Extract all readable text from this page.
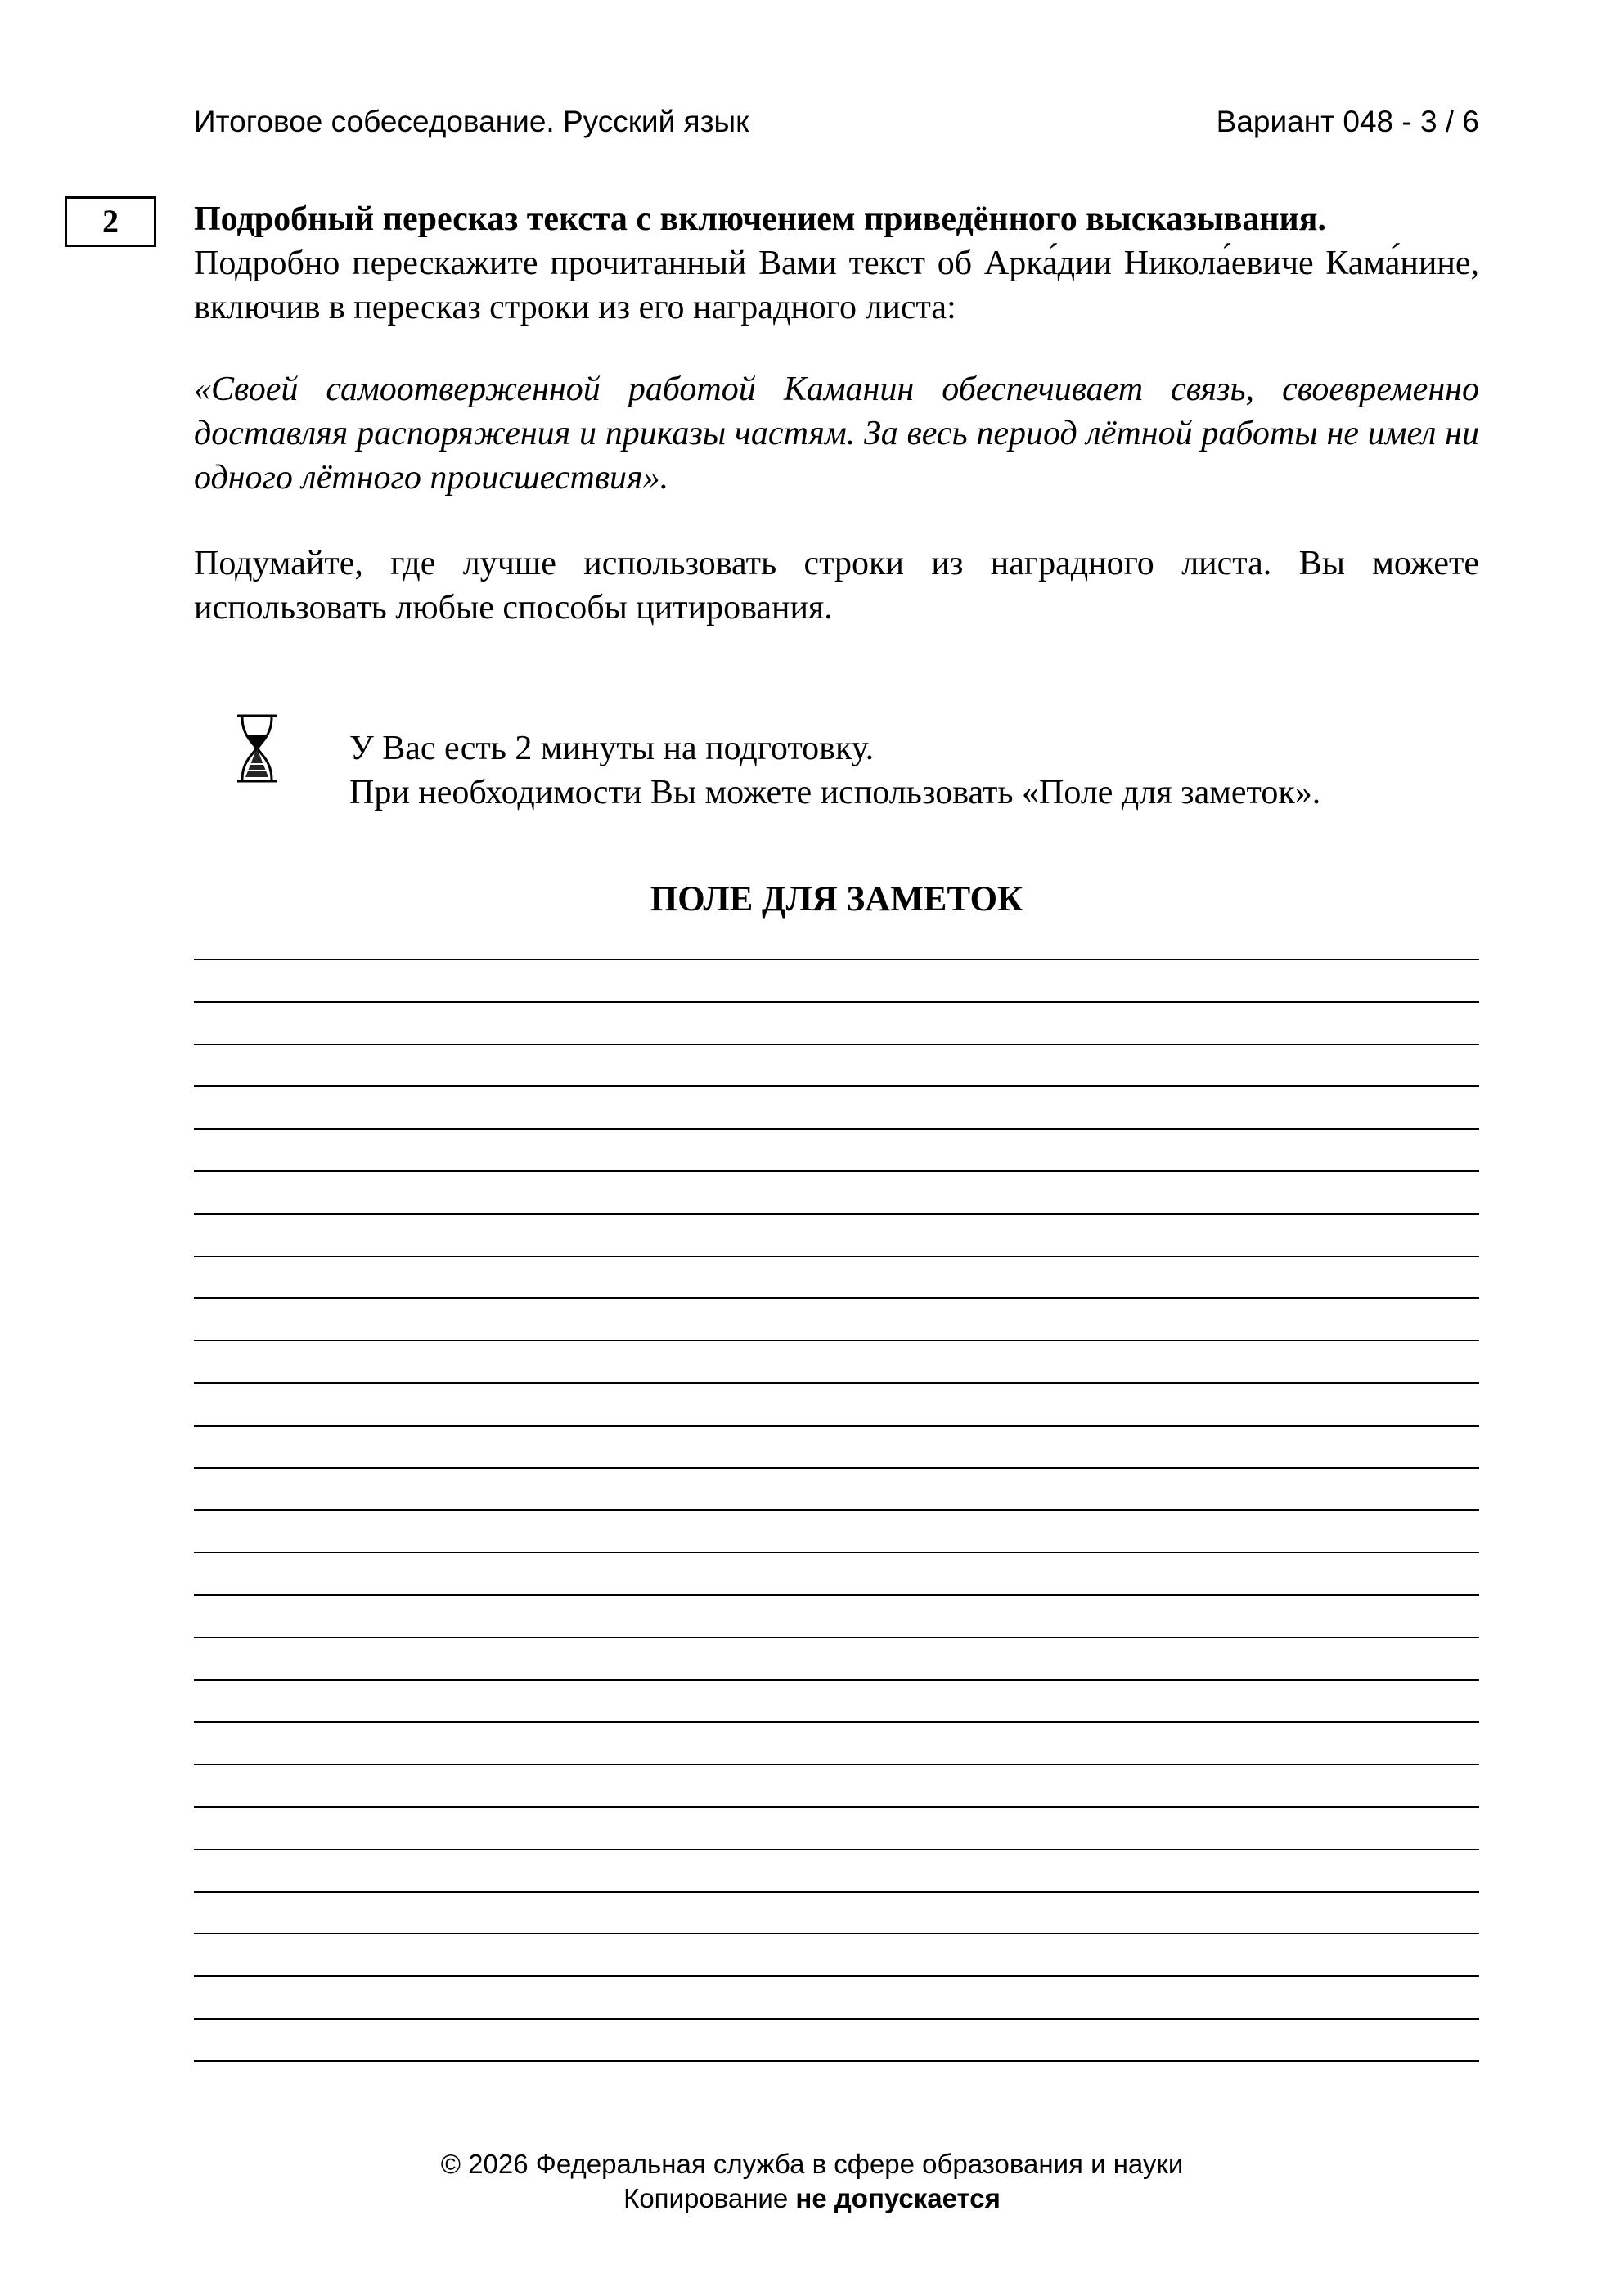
Итоговое собеседование. Русский язык	Вариант 048 - 3 / 6
2	Подробный пересказ текста с включением приведённого высказывания.

Подробно перескажите прочитанный Вами текст об Арка́дии Никола́евиче Кама́нине, включив в пересказ строки из его наградного листа:

«Своей самоотверженной работой Каманин обеспечивает связь, своевременно доставляя распоряжения и приказы частям. За весь период лётной работы не имел ни одного лётного происшествия».

Подумайте, где лучше использовать строки из наградного листа. Вы можете использовать любые способы цитирования.

У Вас есть 2 минуты на подготовку.
При необходимости Вы можете использовать «Поле для заметок».
ПОЛЕ ДЛЯ ЗАМЕТОК
© 2026 Федеральная служба в сфере образования и науки
Копирование не допускается
